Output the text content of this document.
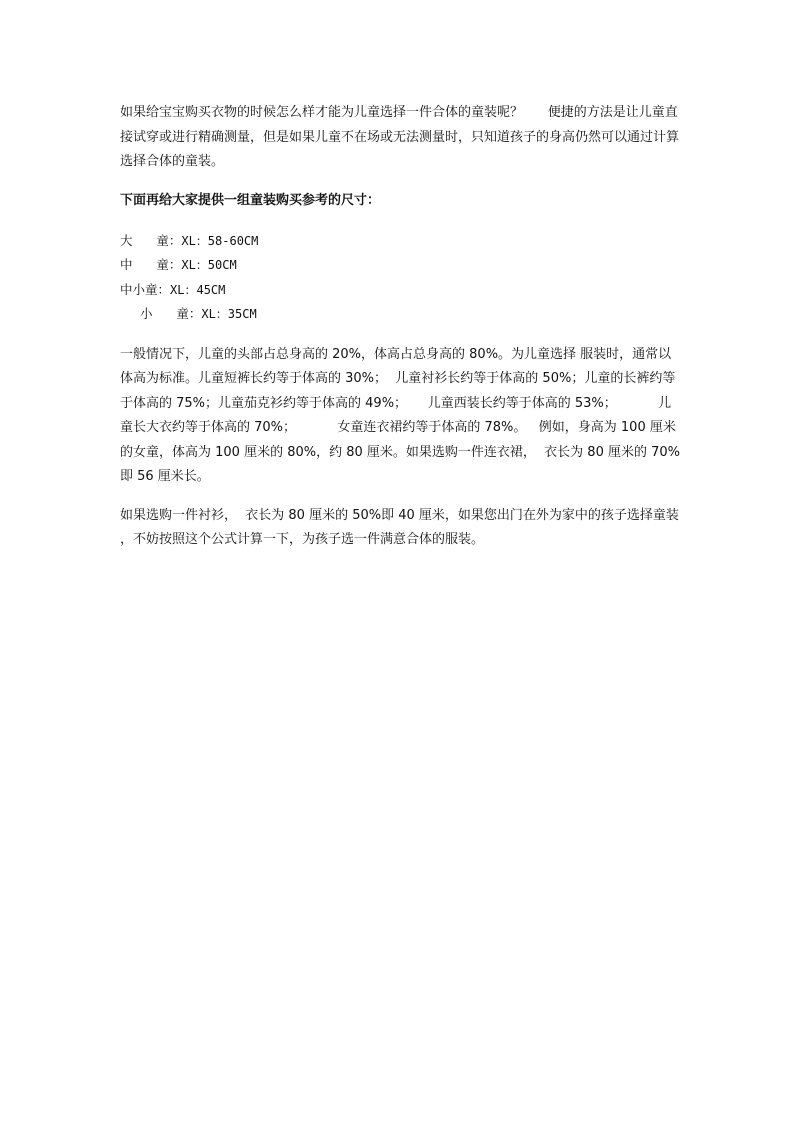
如果给宝宝购买衣物的时候怎么样才能为儿童选择一件合体的童装呢？      便捷的方法是让儿童直接试穿或进行精确测量，但是如果儿童不在场或无法测量时，只知道孩子的身高仍然可以通过计算选择合体的童装。

下面再给大家提供一组童装购买参考的尺寸：

大      童：XL：58-60CM
中      童：XL：50CM
中小童：XL：45CM
小      童：XL：35CM

一般情况下，儿童的头部占总身高的 20%，体高占总身高的 80%。为儿童选择 服装时，通常以体高为标准。儿童短裤长约等于体高的 30%；  儿童衬衫长约等于体高的 50%；儿童的长裤约等于体高的 75%；儿童茄克衫约等于体高的 49%；     儿童西装长约等于体高的 53%；          儿童长大衣约等于体高的 70%；          女童连衣裙约等于体高的 78%。   例如，身高为 100 厘米的女童，体高为 100 厘米的 80%，约 80 厘米。如果选购一件连衣裙，  衣长为 80 厘米的 70%即 56 厘米长。

如果选购一件衬衫，  衣长为 80 厘米的 50%即 40 厘米，如果您出门在外为家中的孩子选择童装 ，不妨按照这个公式计算一下，为孩子选一件满意合体的服装。
